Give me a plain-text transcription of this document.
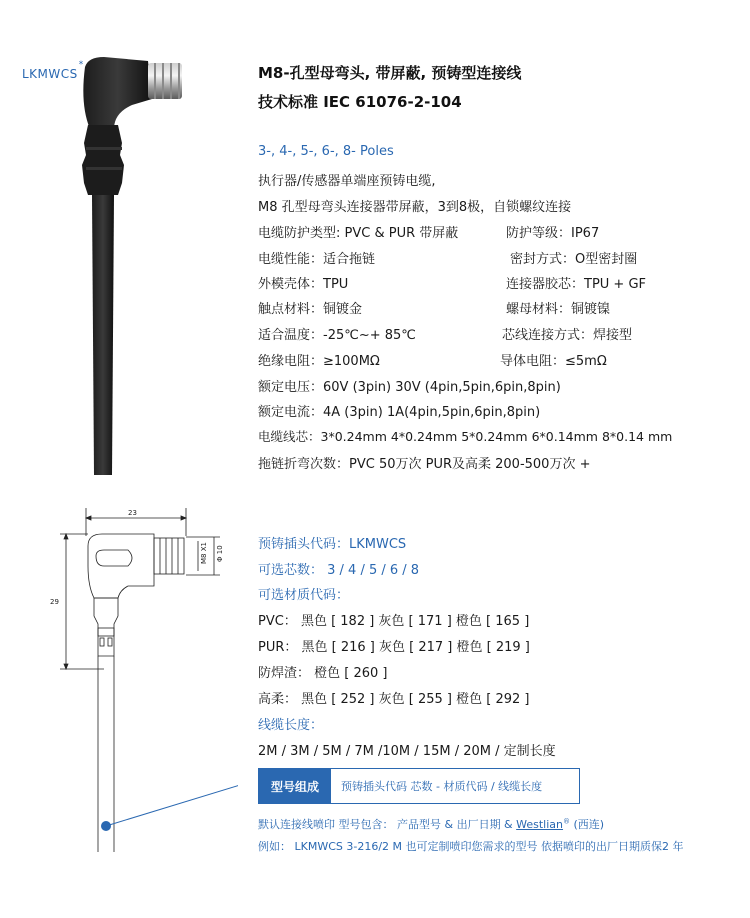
LKMWCS*	M8-孔型母弯头, 带屏蔽, 预铸型连接线
技术标准 IEC 61076-2-104
3-, 4-, 5-, 6-, 8- Poles
执行器/传感器单端座预铸电缆,
M8 孔型母弯头连接器带屏蔽，3到8极，自锁螺纹连接
电缆防护类型: PVC & PUR 带屏蔽	防护等级：IP67
电缆性能：适合拖链	密封方式：O型密封圈
外模壳体：TPU	连接器胶芯：TPU + GF
触点材料：铜镀金	螺母材料：铜镀镍
适合温度：-25℃~+ 85℃	芯线连接方式：焊接型
绝缘电阻：≥100MΩ	导体电阻：≤5mΩ
额定电压：60V (3pin) 30V (4pin,5pin,6pin,8pin)
额定电流：4A (3pin) 1A(4pin,5pin,6pin,8pin)
电缆线芯：3*0.24mm 4*0.24mm 5*0.24mm 6*0.14mm 8*0.14 mm
拖链折弯次数：PVC 50万次 PUR及高柔 200-500万次 +
23
29
M8 X1 Φ 10
预铸插头代码：LKMWCS
可选芯数： 3 / 4 / 5 / 6 / 8
可选材质代码：
PVC： 黑色 [ 182 ] 灰色 [ 171 ] 橙色 [ 165 ]
PUR： 黑色 [ 216 ] 灰色 [ 217 ] 橙色 [ 219 ]
防焊渣： 橙色 [ 260 ]
高柔： 黑色 [ 252 ] 灰色 [ 255 ] 橙色 [ 292 ]
线缆长度：
2M / 3M / 5M / 7M /10M / 15M / 20M / 定制长度
型号组成	预铸插头代码 芯数 - 材质代码 / 线缆长度
默认连接线喷印 型号包含： 产品型号 & 出厂日期 & Westlian® (西连)
例如： LKMWCS 3-216/2 M 也可定制喷印您需求的型号 依据喷印的出厂日期质保2 年
